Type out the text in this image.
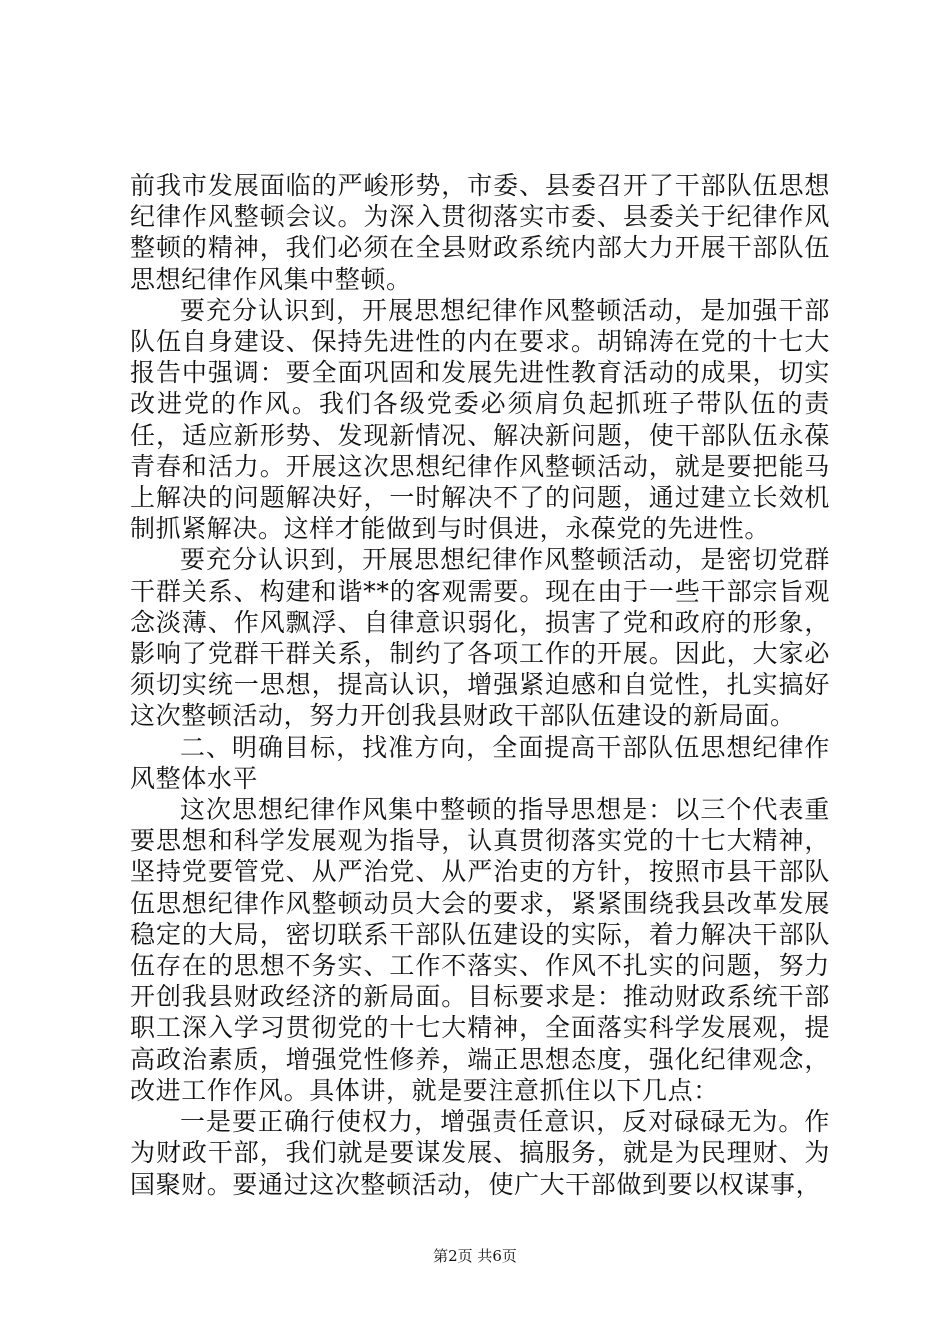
前我市发展面临的严峻形势，市委、县委召开了干部队伍思想纪律作风整顿会议。为深入贯彻落实市委、县委关于纪律作风整顿的精神，我们必须在全县财政系统内部大力开展干部队伍思想纪律作风集中整顿。

要充分认识到，开展思想纪律作风整顿活动，是加强干部队伍自身建设、保持先进性的内在要求。胡锦涛在党的十七大报告中强调：要全面巩固和发展先进性教育活动的成果，切实改进党的作风。我们各级党委必须肩负起抓班子带队伍的责任，适应新形势、发现新情况、解决新问题，使干部队伍永葆青春和活力。开展这次思想纪律作风整顿活动，就是要把能马上解决的问题解决好，一时解决不了的问题，通过建立长效机制抓紧解决。这样才能做到与时俱进，永葆党的先进性。

要充分认识到，开展思想纪律作风整顿活动，是密切党群干群关系、构建和谐**的客观需要。现在由于一些干部宗旨观念淡薄、作风飘浮、自律意识弱化，损害了党和政府的形象，影响了党群干群关系，制约了各项工作的开展。因此，大家必须切实统一思想，提高认识，增强紧迫感和自觉性，扎实搞好这次整顿活动，努力开创我县财政干部队伍建设的新局面。

二、明确目标，找准方向，全面提高干部队伍思想纪律作风整体水平

这次思想纪律作风集中整顿的指导思想是：以三个代表重要思想和科学发展观为指导，认真贯彻落实党的十七大精神，坚持党要管党、从严治党、从严治吏的方针，按照市县干部队伍思想纪律作风整顿动员大会的要求，紧紧围绕我县改革发展稳定的大局，密切联系干部队伍建设的实际，着力解决干部队伍存在的思想不务实、工作不落实、作风不扎实的问题，努力开创我县财政经济的新局面。目标要求是：推动财政系统干部职工深入学习贯彻党的十七大精神，全面落实科学发展观，提高政治素质，增强党性修养，端正思想态度，强化纪律观念，改进工作作风。具体讲，就是要注意抓住以下几点：

一是要正确行使权力，增强责任意识，反对碌碌无为。作为财政干部，我们就是要谋发展、搞服务，就是为民理财、为国聚财。要通过这次整顿活动，使广大干部做到要以权谋事，

第2页 共6页
